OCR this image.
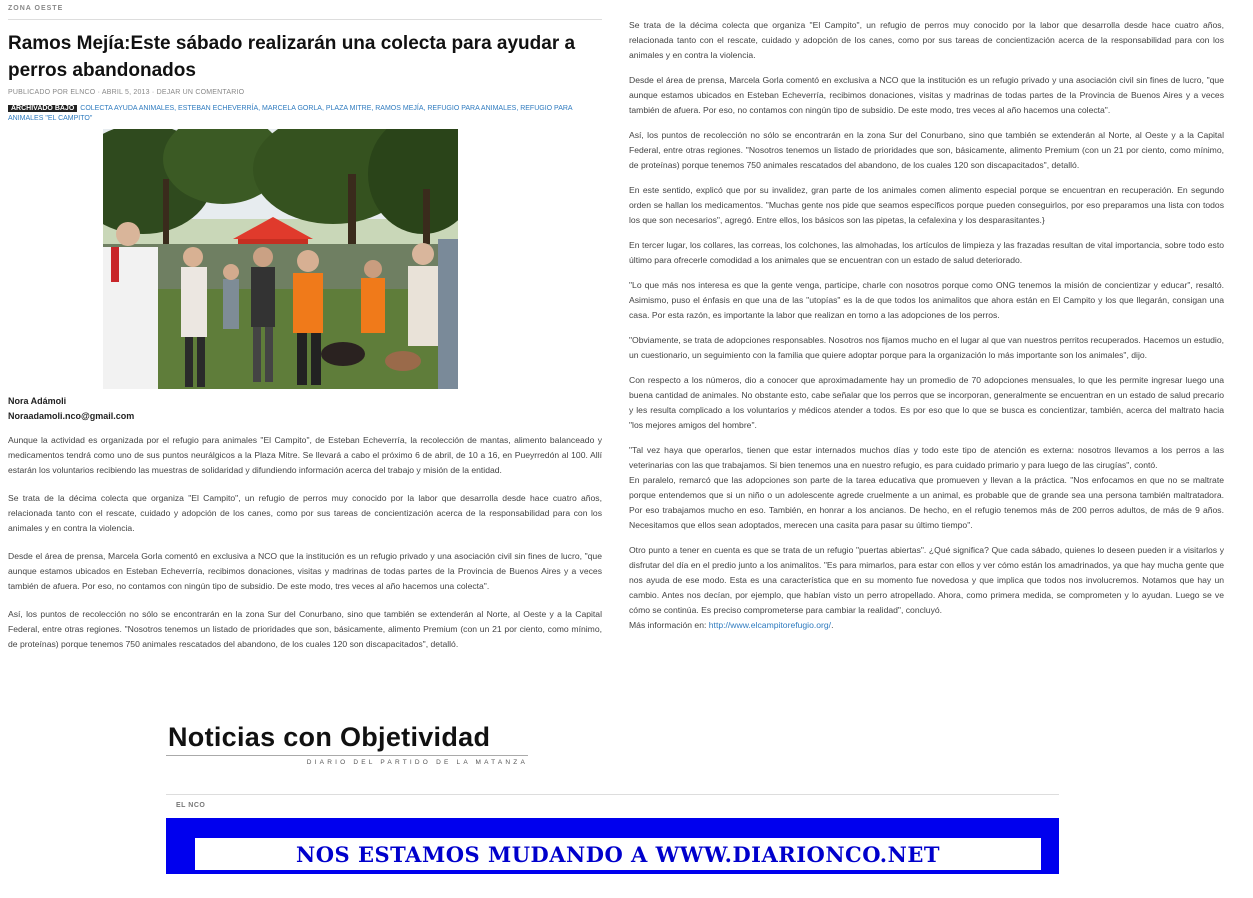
ZONA OESTE
Ramos Mejía:Este sábado realizarán una colecta para ayudar a perros abandonados
PUBLICADO POR ELNCO · ABRIL 5, 2013 · DEJAR UN COMENTARIO
ARCHIVADO BAJO COLECTA AYUDA ANIMALES, ESTEBAN ECHEVERRÍA, MARCELA GORLA, PLAZA MITRE, RAMOS MEJÍA, REFUGIO PARA ANIMALES, REFUGIO PARA ANIMALES "EL CAMPITO"
Nora Adámoli
Noraadamoli.nco@gmail.com

Aunque la actividad es organizada por el refugio para animales "El Campito", de Esteban Echeverría, la recolección de mantas, alimento balanceado y medicamentos tendrá como uno de sus puntos neurálgicos a la Plaza Mitre. Se llevará a cabo el próximo 6 de abril, de 10 a 16, en Pueyrredón al 100. Allí estarán los voluntarios recibiendo las muestras de solidaridad y difundiendo información acerca del trabajo y misión de la entidad.

Se trata de la décima colecta que organiza "El Campito", un refugio de perros muy conocido por la labor que desarrolla desde hace cuatro años, relacionada tanto con el rescate, cuidado y adopción de los canes, como por sus tareas de concientización acerca de la responsabilidad para con los animales y en contra la violencia.

Desde el área de prensa, Marcela Gorla comentó en exclusiva a NCO que la institución es un refugio privado y una asociación civil sin fines de lucro, "que aunque estamos ubicados en Esteban Echeverría, recibimos donaciones, visitas y madrinas de todas partes de la Provincia de Buenos Aires y a veces también de afuera. Por eso, no contamos con ningún tipo de subsidio. De este modo, tres veces al año hacemos una colecta".

Así, los puntos de recolección no sólo se encontrarán en la zona Sur del Conurbano, sino que también se extenderán al Norte, al Oeste y a la Capital Federal, entre otras regiones. "Nosotros tenemos un listado de prioridades que son, básicamente, alimento Premium (con un 21 por ciento, como mínimo, de proteínas) porque tenemos 750 animales rescatados del abandono, de los cuales 120 son discapacitados", detalló.

Se trata de la décima colecta que organiza "El Campito", un refugio de perros muy conocido por la labor que desarrolla desde hace cuatro años, relacionada tanto con el rescate, cuidado y adopción de los canes, como por sus tareas de concientización acerca de la responsabilidad para con los animales y en contra la violencia.

Desde el área de prensa, Marcela Gorla comentó en exclusiva a NCO que la institución es un refugio privado y una asociación civil sin fines de lucro, "que aunque estamos ubicados en Esteban Echeverría, recibimos donaciones, visitas y madrinas de todas partes de la Provincia de Buenos Aires y a veces también de afuera. Por eso, no contamos con ningún tipo de subsidio. De este modo, tres veces al año hacemos una colecta".

Así, los puntos de recolección no sólo se encontrarán en la zona Sur del Conurbano, sino que también se extenderán al Norte, al Oeste y a la Capital Federal, entre otras regiones. "Nosotros tenemos un listado de prioridades que son, básicamente, alimento Premium (con un 21 por ciento, como mínimo, de proteínas) porque tenemos 750 animales rescatados del abandono, de los cuales 120 son discapacitados", detalló.

En este sentido, explicó que por su invalidez, gran parte de los animales comen alimento especial porque se encuentran en recuperación. En segundo orden se hallan los medicamentos. "Muchas gente nos pide que seamos específicos porque pueden conseguirlos, por eso preparamos una lista con todos los que son necesarios", agregó. Entre ellos, los básicos son las pipetas, la cefalexina y los desparasitantes.}

En tercer lugar, los collares, las correas, los colchones, las almohadas, los artículos de limpieza y las frazadas resultan de vital importancia, sobre todo esto último para ofrecerle comodidad a los animales que se encuentran con un estado de salud deteriorado.

"Lo que más nos interesa es que la gente venga, participe, charle con nosotros porque como ONG tenemos la misión de concientizar y educar", resaltó. Asimismo, puso el énfasis en que una de las "utopías" es la de que todos los animalitos que ahora están en El Campito y los que llegarán, consigan una casa. Por esta razón, es importante la labor que realizan en torno a las adopciones de los perros.

"Obviamente, se trata de adopciones responsables. Nosotros nos fijamos mucho en el lugar al que van nuestros perritos recuperados. Hacemos un estudio, un cuestionario, un seguimiento con la familia que quiere adoptar porque para la organización lo más importante son los animales", dijo.

Con respecto a los números, dio a conocer que aproximadamente hay un promedio de 70 adopciones mensuales, lo que les permite ingresar luego una buena cantidad de animales. No obstante esto, cabe señalar que los perros que se incorporan, generalmente se encuentran en un estado de salud precario y les resulta complicado a los voluntarios y médicos atender a todos. Es por eso que lo que se busca es concientizar, también, acerca del maltrato hacia "los mejores amigos del hombre".

"Tal vez haya que operarlos, tienen que estar internados muchos días y todo este tipo de atención es externa: nosotros llevamos a los perros a las veterinarias con las que trabajamos. Si bien tenemos una en nuestro refugio, es para cuidado primario y para luego de las cirugías", contó.

En paralelo, remarcó que las adopciones son parte de la tarea educativa que promueven y llevan a la práctica. "Nos enfocamos en que no se maltrate porque entendemos que si un niño o un adolescente agrede cruelmente a un animal, es probable que de grande sea una persona también maltratadora. Por eso trabajamos mucho en eso. También, en honrar a los ancianos. De hecho, en el refugio tenemos más de 200 perros adultos, de más de 9 años. Necesitamos que ellos sean adoptados, merecen una casita para pasar su último tiempo".

Otro punto a tener en cuenta es que se trata de un refugio "puertas abiertas". ¿Qué significa? Que cada sábado, quienes lo deseen pueden ir a visitarlos y disfrutar del día en el predio junto a los animalitos. "Es para mimarlos, para estar con ellos y ver cómo están los amadrinados, ya que hay mucha gente que nos ayuda de ese modo. Esta es una característica que en su momento fue novedosa y que implica que todos nos involucremos. Notamos que hay un cambio. Antes nos decían, por ejemplo, que habían visto un perro atropellado. Ahora, como primera medida, se comprometen y lo ayudan. Luego se ve cómo se continúa. Es preciso comprometerse para cambiar la realidad", concluyó.

Más información en: http://www.elcampitorefugio.org/.

Noticias con Objetividad
DIARIO DEL PARTIDO DE LA MATANZA
EL NCO
NOS ESTAMOS MUDANDO A WWW.DIARIONCO.NET
